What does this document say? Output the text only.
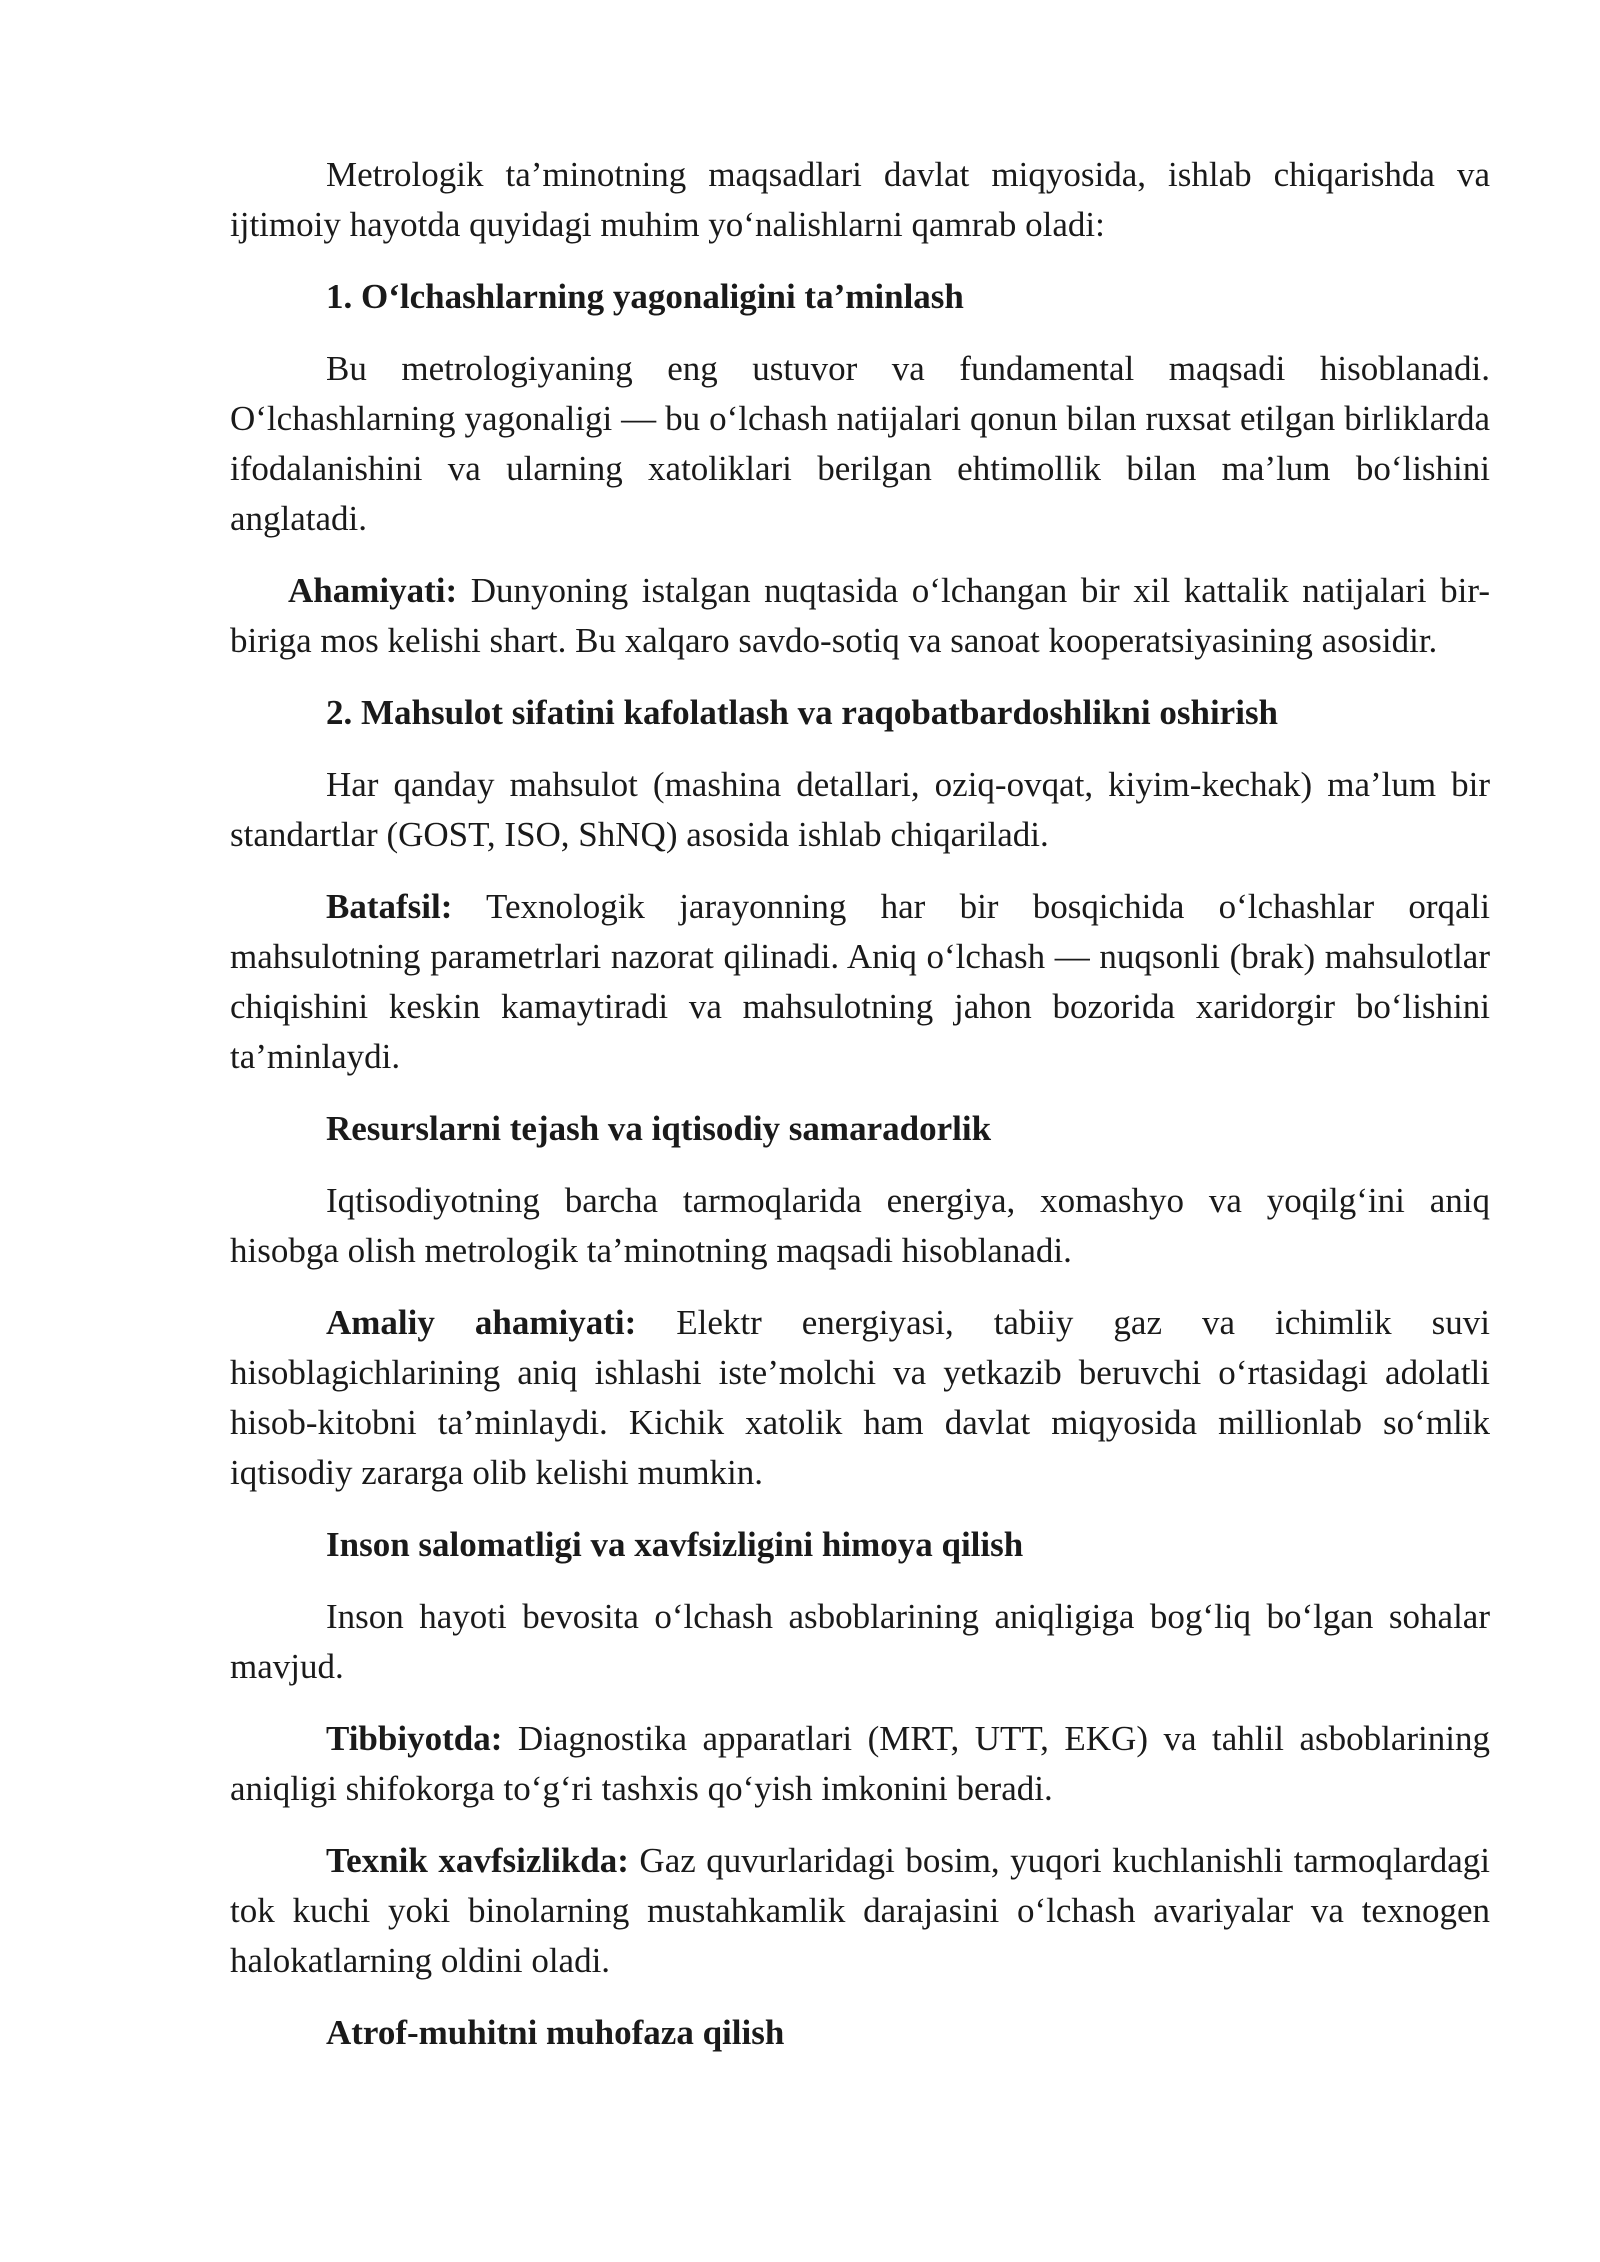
Metrologik ta’minotning maqsadlari davlat miqyosida, ishlab chiqarishda va ijtimoiy hayotda quyidagi muhim yo‘nalishlarni qamrab oladi:

1. O‘lchashlarning yagonaligini ta’minlash

Bu metrologiyaning eng ustuvor va fundamental maqsadi hisoblanadi. O‘lchashlarning yagonaligi — bu o‘lchash natijalari qonun bilan ruxsat etilgan birliklarda ifodalanishini va ularning xatoliklari berilgan ehtimollik bilan ma’lum bo‘lishini anglatadi.

Ahamiyati: Dunyoning istalgan nuqtasida o‘lchangan bir xil kattalik natijalari bir-biriga mos kelishi shart. Bu xalqaro savdo-sotiq va sanoat kooperatsiyasining asosidir.

2. Mahsulot sifatini kafolatlash va raqobatbardoshlikni oshirish

Har qanday mahsulot (mashina detallari, oziq-ovqat, kiyim-kechak) ma’lum bir standartlar (GOST, ISO, ShNQ) asosida ishlab chiqariladi.

Batafsil: Texnologik jarayonning har bir bosqichida o‘lchashlar orqali mahsulotning parametrlari nazorat qilinadi. Aniq o‘lchash — nuqsonli (brak) mahsulotlar chiqishini keskin kamaytiradi va mahsulotning jahon bozorida xaridorgir bo‘lishini ta’minlaydi.

Resurslarni tejash va iqtisodiy samaradorlik

Iqtisodiyotning barcha tarmoqlarida energiya, xomashyo va yoqilg‘ini aniq hisobga olish metrologik ta’minotning maqsadi hisoblanadi.

Amaliy ahamiyati: Elektr energiyasi, tabiiy gaz va ichimlik suvi hisoblagichlarining aniq ishlashi iste’molchi va yetkazib beruvchi o‘rtasidagi adolatli hisob-kitobni ta’minlaydi. Kichik xatolik ham davlat miqyosida millionlab so‘mlik iqtisodiy zararga olib kelishi mumkin.

Inson salomatligi va xavfsizligini himoya qilish

Inson hayoti bevosita o‘lchash asboblarining aniqligiga bog‘liq bo‘lgan sohalar mavjud.

Tibbiyotda: Diagnostika apparatlari (MRT, UTT, EKG) va tahlil asboblarining aniqligi shifokorga to‘g‘ri tashxis qo‘yish imkonini beradi.

Texnik xavfsizlikda: Gaz quvurlaridagi bosim, yuqori kuchlanishli tarmoqlardagi tok kuchi yoki binolarning mustahkamlik darajasini o‘lchash avariyalar va texnogen halokatlarning oldini oladi.

Atrof-muhitni muhofaza qilish
